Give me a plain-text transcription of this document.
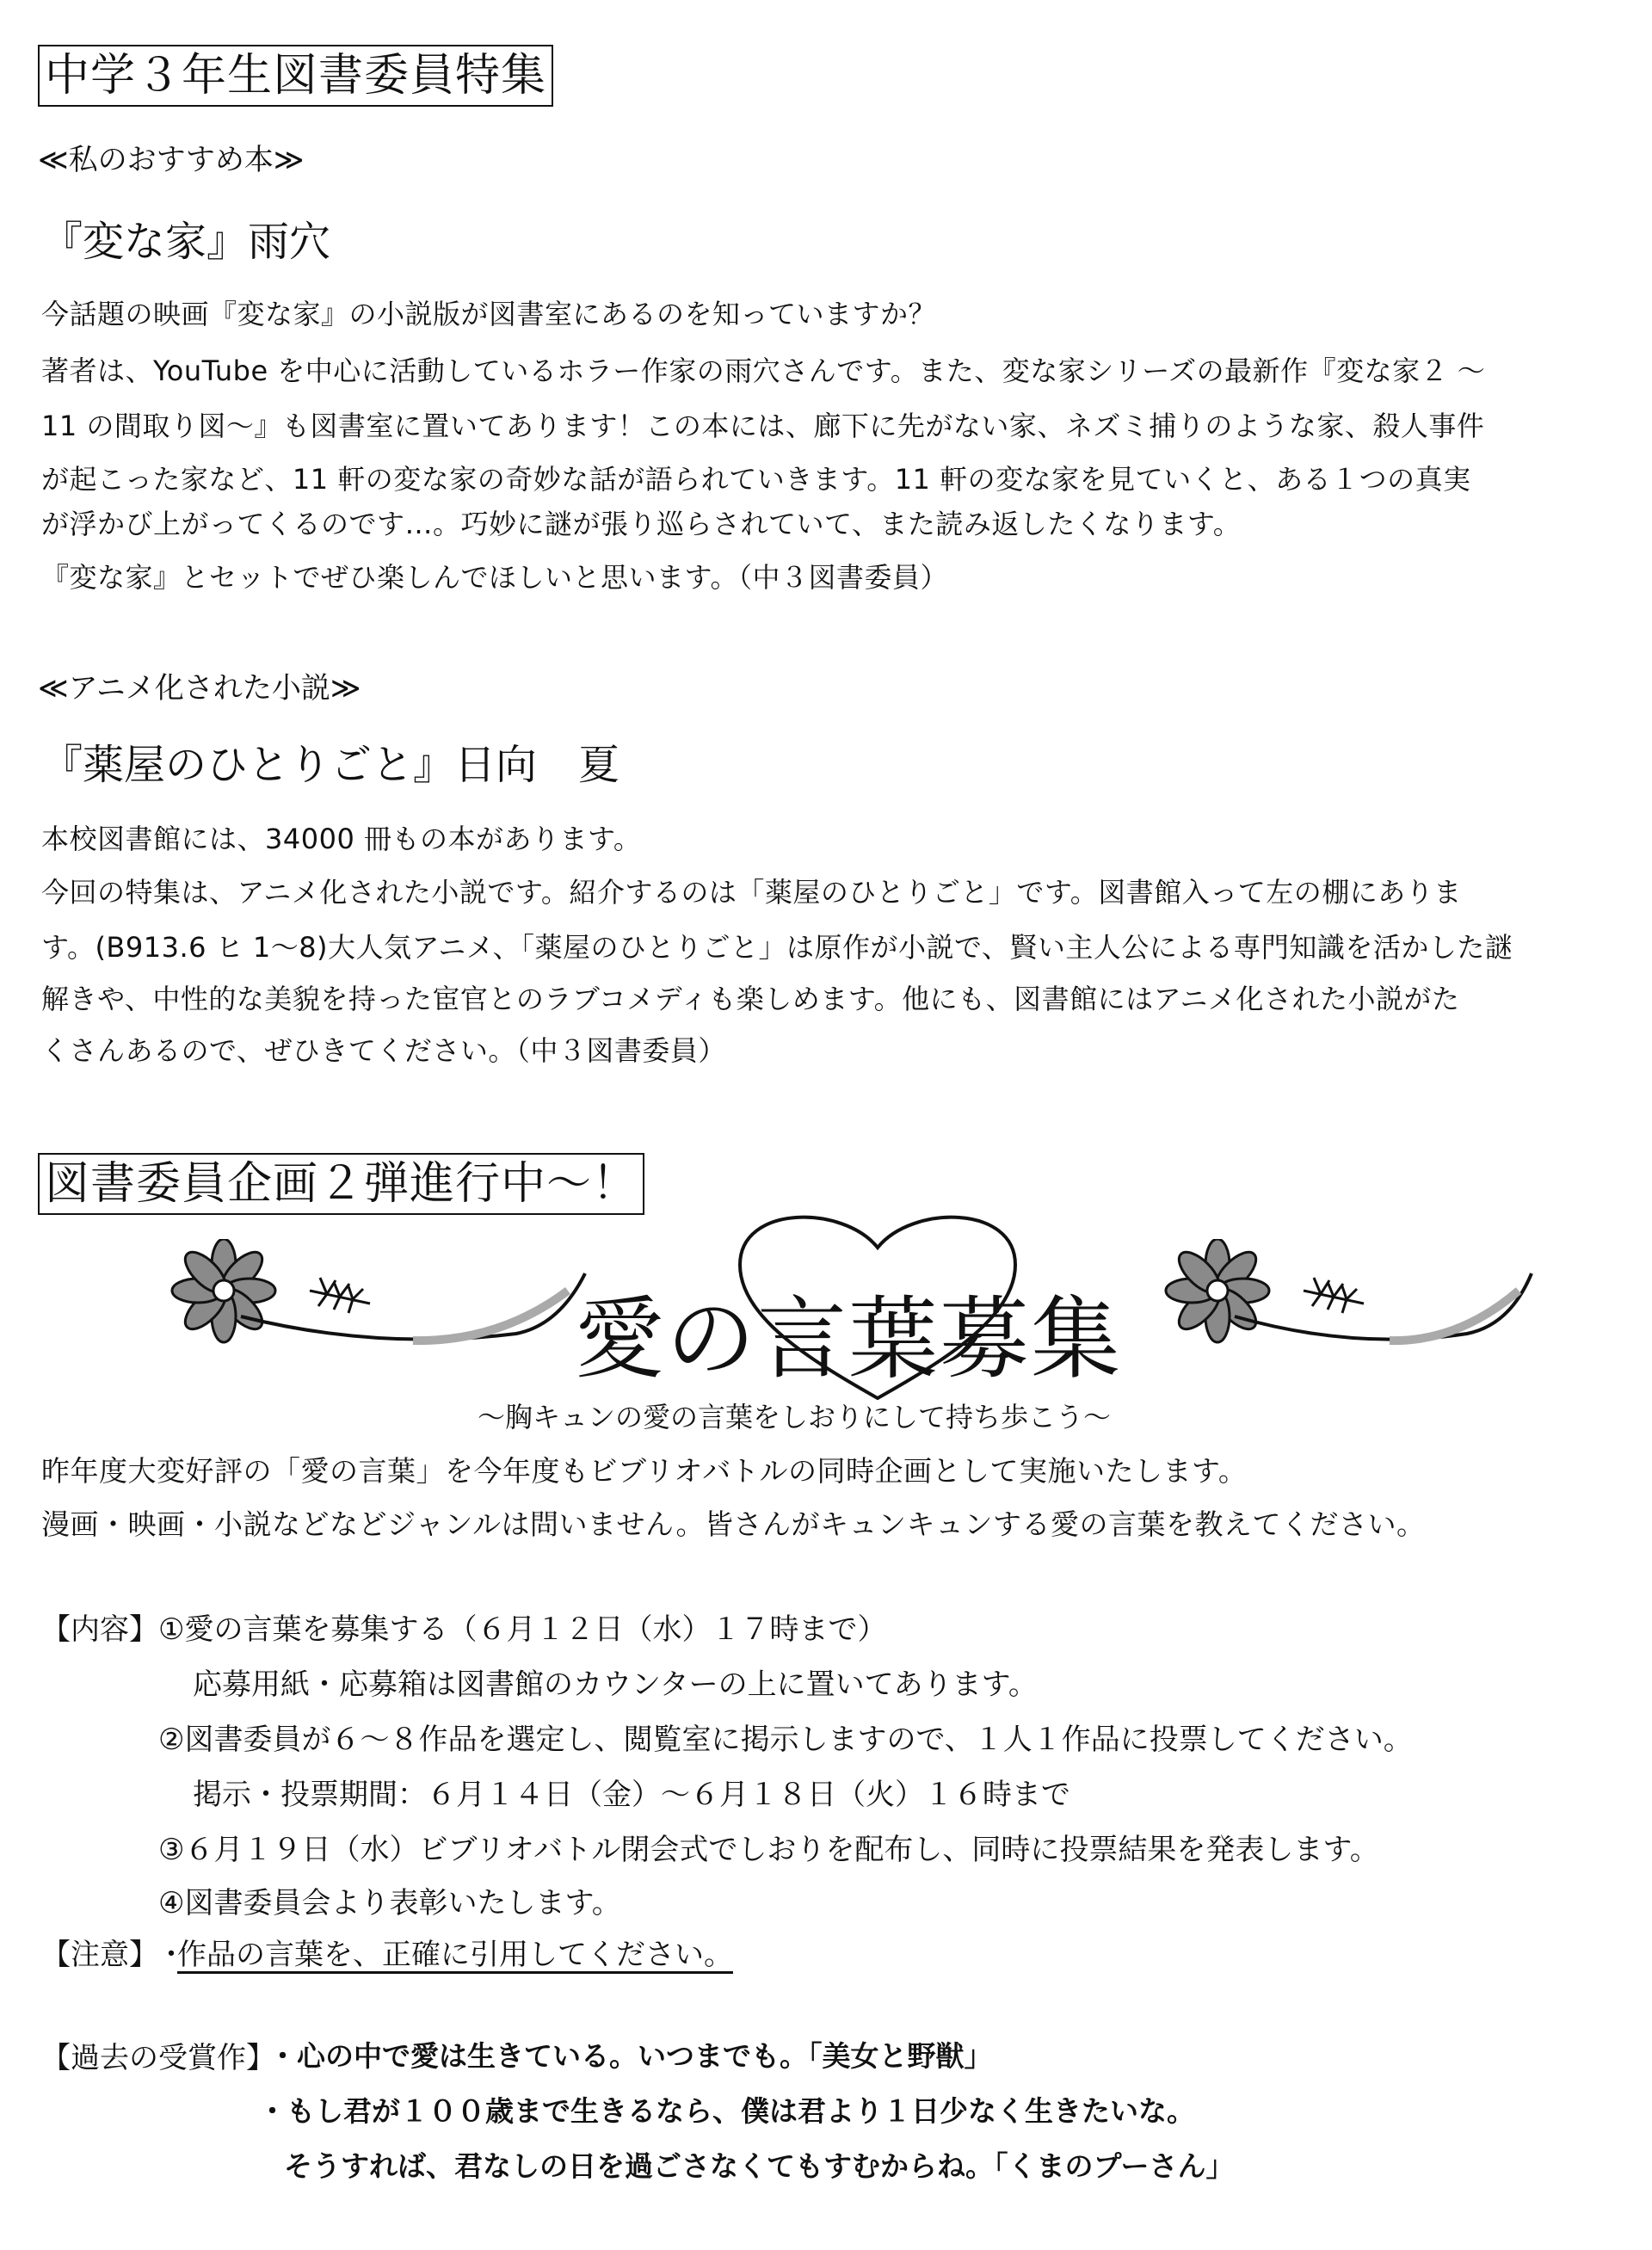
中学３年生図書委員特集
≪私のおすすめ本≫
『変な家』雨穴
今話題の映画『変な家』の小説版が図書室にあるのを知っていますか？
著者は、YouTube を中心に活動しているホラー作家の雨穴さんです。また、変な家シリーズの最新作『変な家２ ～
11 の間取り図～』も図書室に置いてあります！この本には、廊下に先がない家、ネズミ捕りのような家、殺人事件
が起こった家など、11 軒の変な家の奇妙な話が語られていきます。11 軒の変な家を見ていくと、ある１つの真実
が浮かび上がってくるのです…。巧妙に謎が張り巡らされていて、また読み返したくなります。
『変な家』とセットでぜひ楽しんでほしいと思います。（中３図書委員）
≪アニメ化された小説≫
『薬屋のひとりごと』日向　夏
本校図書館には、34000 冊もの本があります。
今回の特集は、アニメ化された小説です。紹介するのは「薬屋のひとりごと」です。図書館入って左の棚にありま
す。(B913.6 ヒ 1～8)大人気アニメ、「薬屋のひとりごと」は原作が小説で、賢い主人公による専門知識を活かした謎
解きや、中性的な美貌を持った宦官とのラブコメディも楽しめます。他にも、図書館にはアニメ化された小説がた
くさんあるので、ぜひきてください。（中３図書委員）
図書委員企画２弾進行中～！
愛の言葉募集
～胸キュンの愛の言葉をしおりにして持ち歩こう～
昨年度大変好評の「愛の言葉」を今年度もビブリオバトルの同時企画として実施いたします。
漫画・映画・小説などなどジャンルは問いません。皆さんがキュンキュンする愛の言葉を教えてください。
【内容】 ①愛の言葉を募集する（６月１２日（水）１７時まで）
応募用紙・応募箱は図書館のカウンターの上に置いてあります。
②図書委員が６～８作品を選定し、閲覧室に掲示しますので、１人１作品に投票してください。
掲示・投票期間：６月１４日（金）～６月１８日（火）１６時まで
③６月１９日（水）ビブリオバトル閉会式でしおりを配布し、同時に投票結果を発表します。
④図書委員会より表彰いたします。
【注意】
・
作品の言葉を、正確に引用してください。
【過去の受賞作】
・心の中で愛は生きている。いつまでも。「美女と野獣」
・もし君が１００歳まで生きるなら、僕は君より１日少なく生きたいな。
そうすれば、君なしの日を過ごさなくてもすむからね。「くまのプーさん」
